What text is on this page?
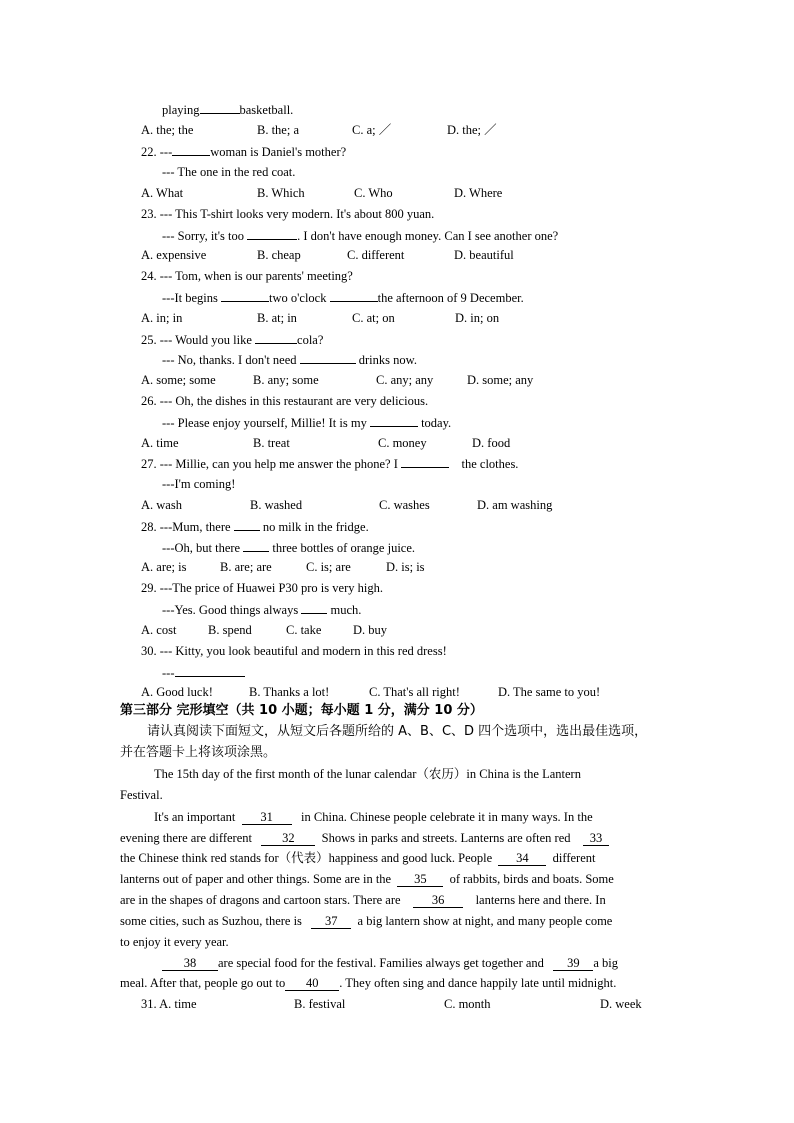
playing	basketball.
A. the; the	B. the; a	C. a; ／	D. the; ／
22. ---	woman is Daniel's mother?
--- The one in the red coat.
A. What	B. Which	C. Who	D. Where
23. --- This T-shirt looks very modern. It's about 800 yuan.
--- Sorry, it's too	. I don't have enough money. Can I see another one?
A. expensive	B. cheap	C. different	D. beautiful
24. --- Tom, when is our parents' meeting?
---It begins	two o'clock	the afternoon of 9 December.
A. in; in	B. at; in	C. at; on	D. in; on
25. --- Would you like	cola?
--- No, thanks. I don't need	drinks now.
A. some; some	B. any; some	C. any; any	D. some; any
26. --- Oh, the dishes in this restaurant are very delicious.
--- Please enjoy yourself, Millie! It is my	today.
A. time	B. treat	C. money	D. food
27. --- Millie, can you help me answer the phone? I	the clothes.
---I'm coming!
A. wash	B. washed	C. washes	D. am washing
28. ---Mum, there	no milk in the fridge.
---Oh, but there	three bottles of orange juice.
A. are; is	B. are; are	C. is; are	D. is; is
29. ---The price of Huawei P30 pro is very high.
---Yes. Good things always	much.
A. cost	B. spend	C. take	D. buy
30. --- Kitty, you look beautiful and modern in this red dress!
---
A. Good luck!	B. Thanks a lot!	C. That's all right!	D. The same to you!
第三部分 完形填空（共 10 小题；每小题 1 分，满分 10 分）
请认真阅读下面短文，从短文后各题所给的 A、B、C、D 四个选项中，选出最佳选项，
并在答题卡上将该项涂黑。
The 15th day of the first month of the lunar calendar（农历）in China is the Lantern
Festival.
It's an important 31 in China. Chinese people celebrate it in many ways. In the
evening there are different 32 Shows in parks and streets. Lanterns are often red 33
the Chinese think red stands for（代表）happiness and good luck. People 34 different
lanterns out of paper and other things. Some are in the 35 of rabbits, birds and boats. Some
are in the shapes of dragons and cartoon stars. There are	36	lanterns here and there. In
some cities, such as Suzhou, there is 37 a big lantern show at night, and many people come
to enjoy it every year.
38 are special food for the festival. Families always get together and 39 a big
meal. After that, people go out to 40 . They often sing and dance happily late until midnight.
31. A. time	B. festival	C. month	D. week
